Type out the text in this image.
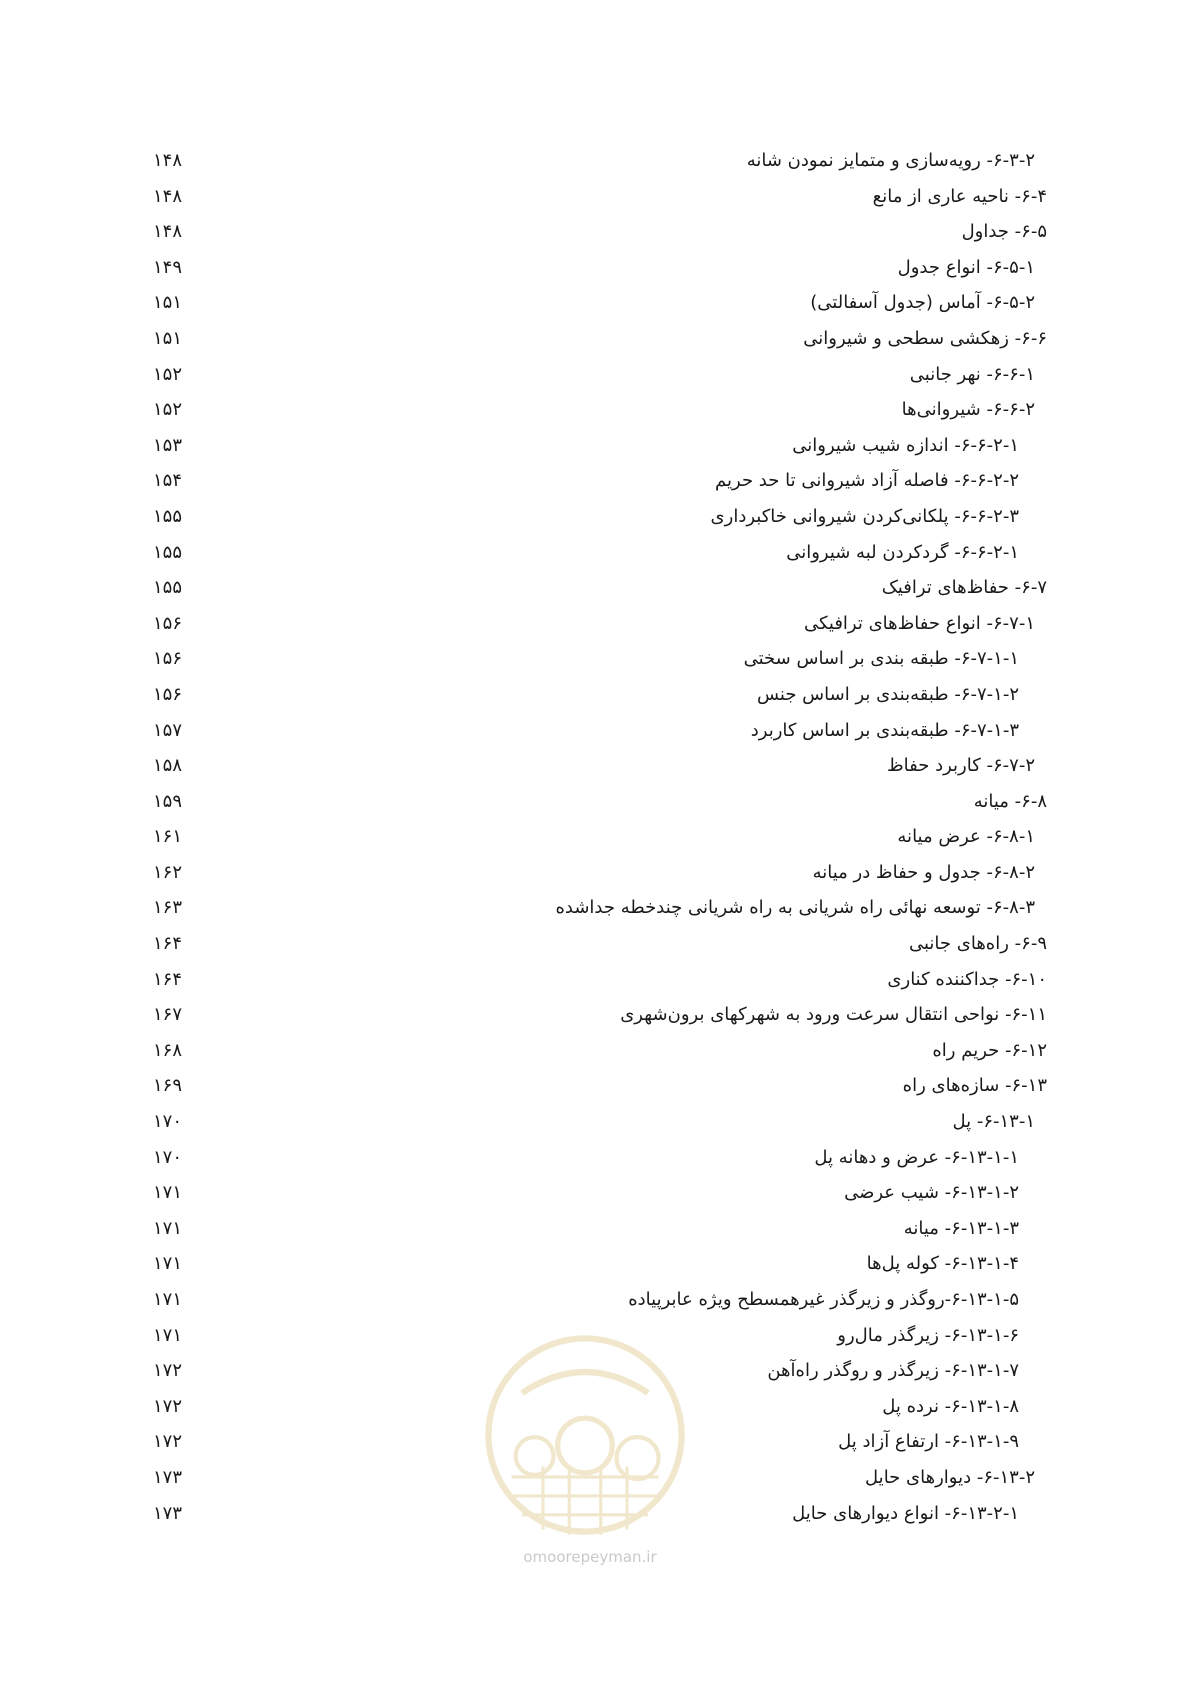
۶-۳-۲- رویه‌سازی و متمایز نمودن شانه
۱۴۸
۶-۴- ناحیه عاری از مانع
۱۴۸
۶-۵- جداول
۱۴۸
۶-۵-۱- انواع جدول
۱۴۹
۶-۵-۲- آماس (جدول آسفالتی)
۱۵۱
۶-۶- زهکشی سطحی و شیروانی
۱۵۱
۶-۶-۱- نهر جانبی
۱۵۲
۶-۶-۲- شیروانی‌ها
۱۵۲
۶-۶-۲-۱- اندازه شیب شیروانی
۱۵۳
۶-۶-۲-۲- فاصله آزاد شیروانی تا حد حریم
۱۵۴
۶-۶-۲-۳- پلکانی‌کردن شیروانی خاکبرداری
۱۵۵
۶-۶-۲-۱- گردکردن لبه شیروانی
۱۵۵
۶-۷- حفاظ‌های ترافیک
۱۵۵
۶-۷-۱- انواع حفاظ‌های ترافیکی
۱۵۶
۶-۷-۱-۱- طبقه بندی بر اساس سختی
۱۵۶
۶-۷-۱-۲- طبقه‌بندی بر اساس جنس
۱۵۶
۶-۷-۱-۳- طبقه‌بندی بر اساس کاربرد
۱۵۷
۶-۷-۲- کاربرد حفاظ
۱۵۸
۶-۸- میانه
۱۵۹
۶-۸-۱- عرض میانه
۱۶۱
۶-۸-۲- جدول و حفاظ در میانه
۱۶۲
۶-۸-۳- توسعه نهائی راه شریانی به راه شریانی چندخطه جداشده
۱۶۳
۶-۹- راه‌های جانبی
۱۶۴
۶-۱۰- جداکننده کناری
۱۶۴
۶-۱۱- نواحی انتقال سرعت ورود به شهرکهای برون‌شهری
۱۶۷
۶-۱۲- حریم راه
۱۶۸
۶-۱۳- سازه‌های راه
۱۶۹
۶-۱۳-۱- پل
۱۷۰
۶-۱۳-۱-۱- عرض و دهانه پل
۱۷۰
۶-۱۳-۱-۲- شیب عرضی
۱۷۱
۶-۱۳-۱-۳- میانه
۱۷۱
۶-۱۳-۱-۴- کوله پل‌ها
۱۷۱
۶-۱۳-۱-۵-روگذر و زیرگذر غیرهمسطح ویژه عابرپیاده
۱۷۱
۶-۱۳-۱-۶- زیرگذر مال‌رو
۱۷۱
۶-۱۳-۱-۷- زیرگذر و روگذر راه‌آهن
۱۷۲
۶-۱۳-۱-۸- نرده پل
۱۷۲
۶-۱۳-۱-۹- ارتفاع آزاد پل
۱۷۲
۶-۱۳-۲- دیوارهای حایل
۱۷۳
۶-۱۳-۲-۱- انواع دیوارهای حایل
۱۷۳
omoorepeyman.ir
